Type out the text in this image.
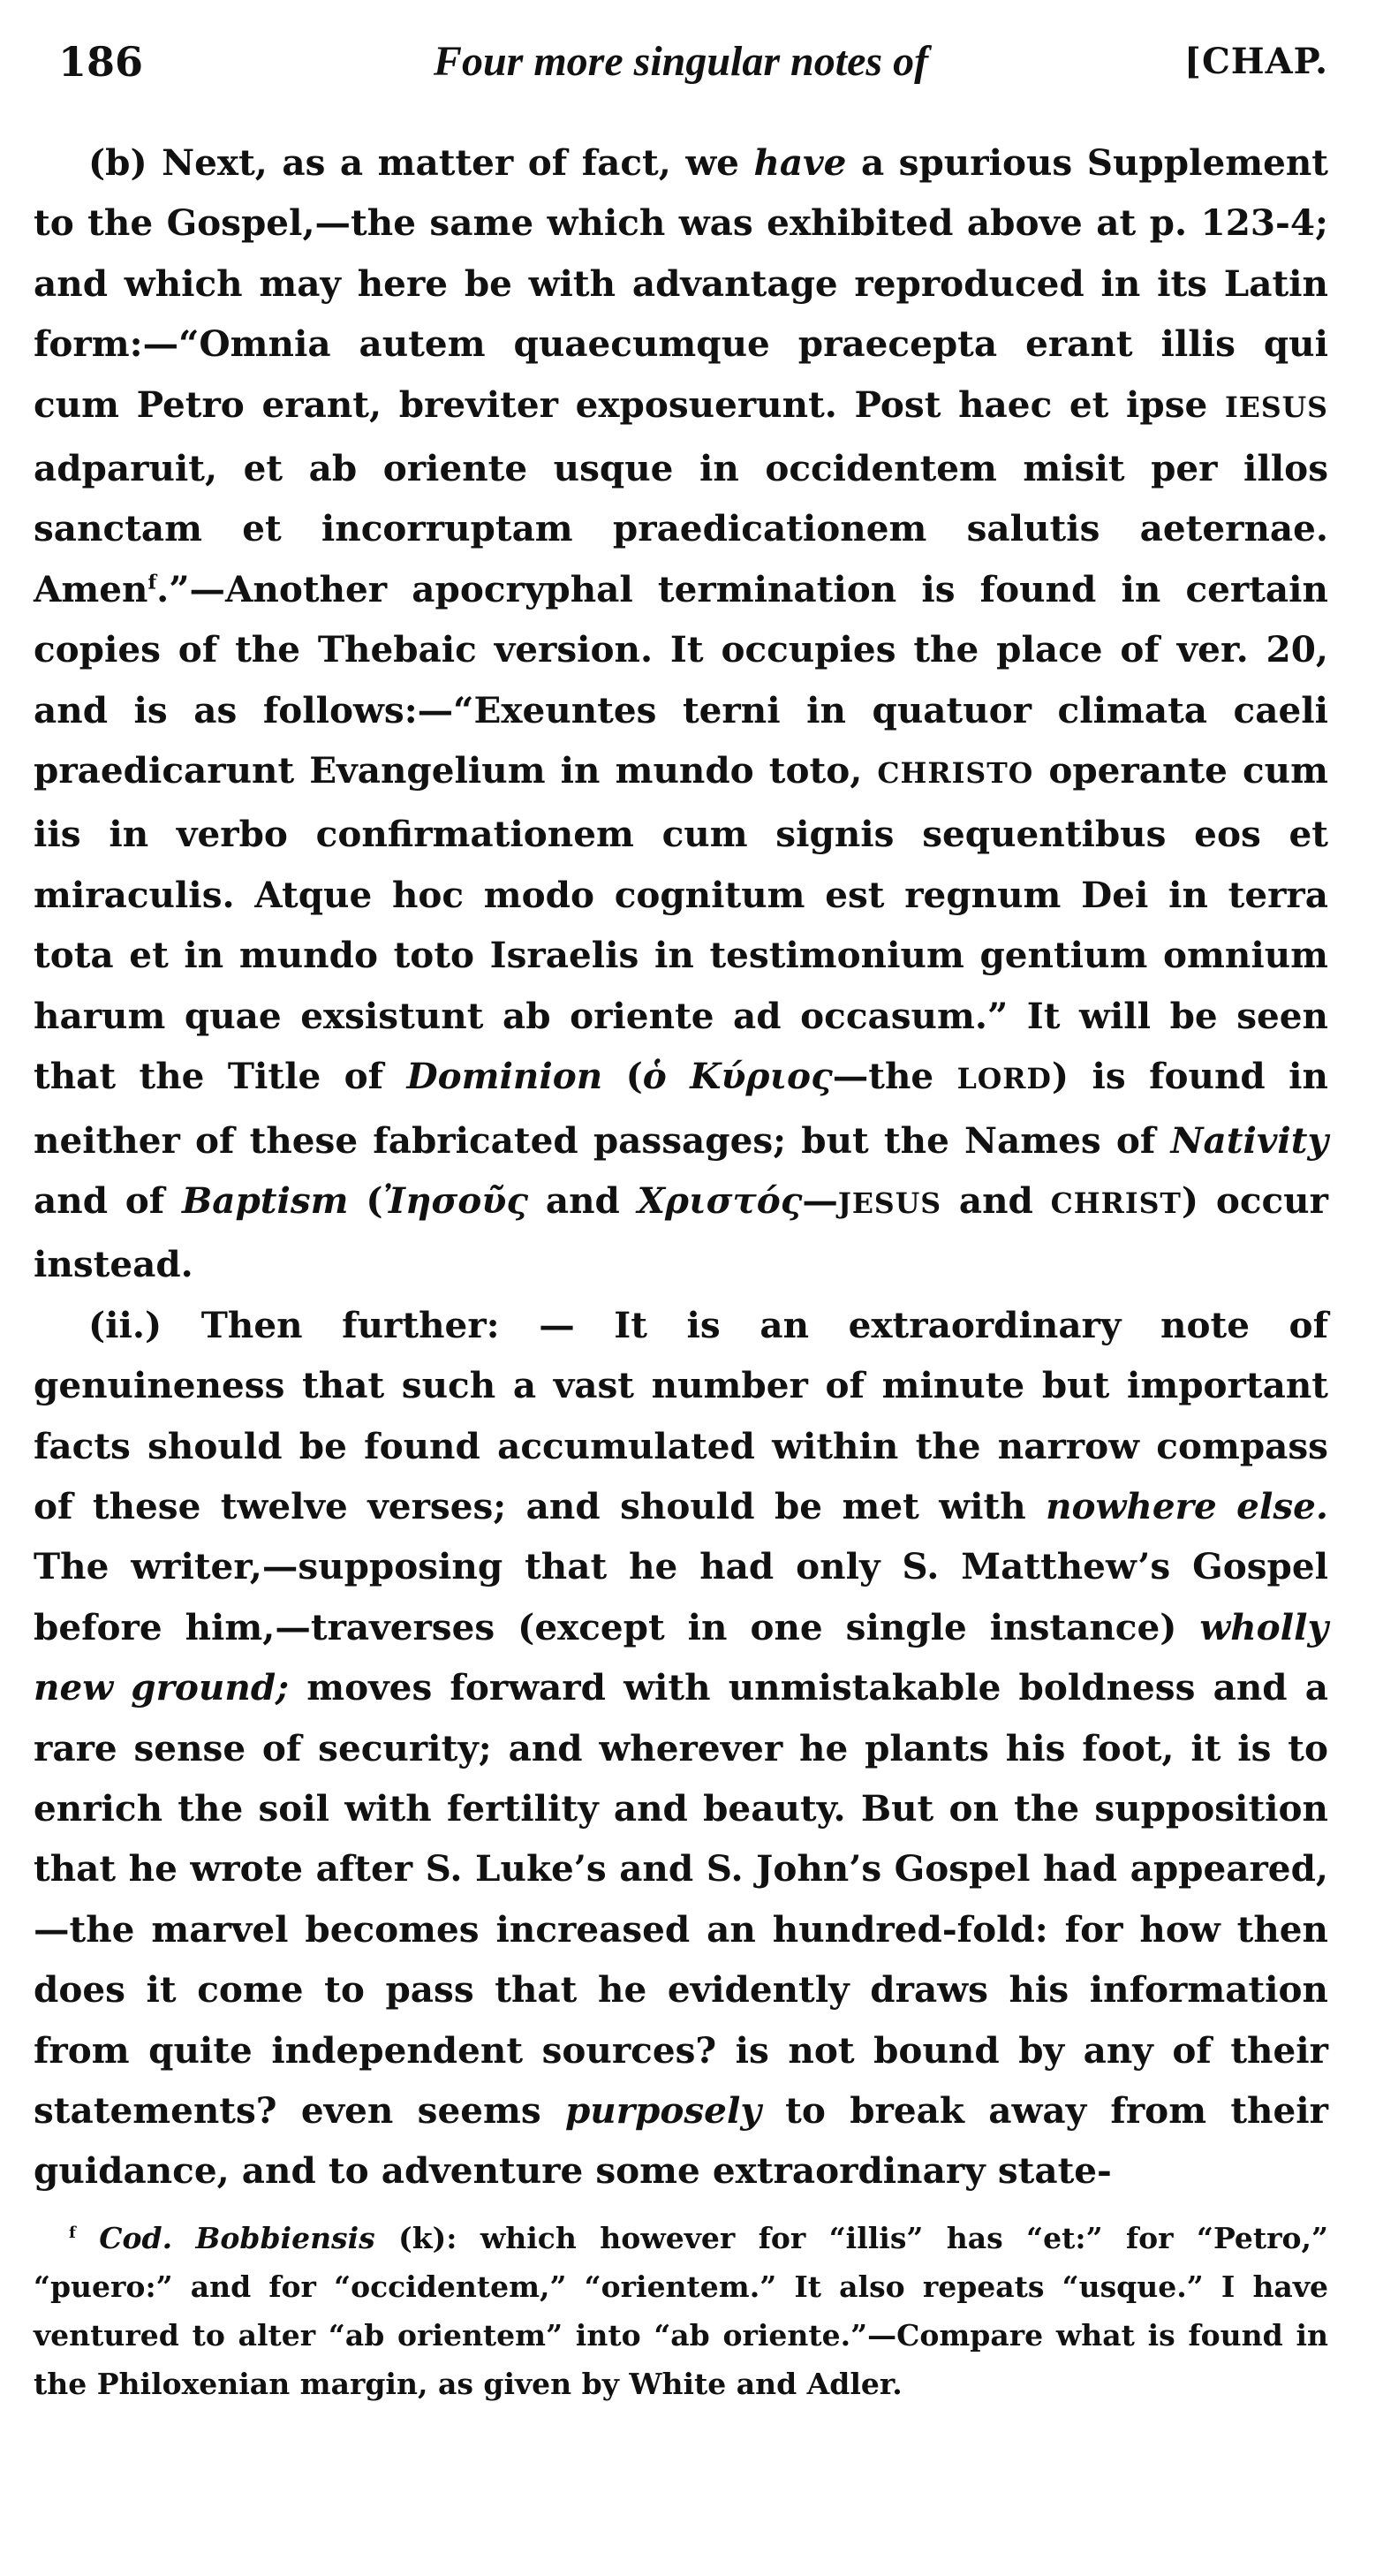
186	Four more singular notes of	[CHAP.

(b) Next, as a matter of fact, we have a spurious Supplement to the Gospel,—the same which was exhibited above at p. 123-4; and which may here be with advantage reproduced in its Latin form:—“Omnia autem quaecumque praecepta erant illis qui cum Petro erant, breviter exposuerunt. Post haec et ipse IESUS adparuit, et ab oriente usque in occidentem misit per illos sanctam et incorruptam praedicationem salutis aeternae. Amen$^f$.”—Another apocryphal termination is found in certain copies of the Thebaic version. It occupies the place of ver. 20, and is as follows:—“Exeuntes terni in quatuor climata caeli praedicarunt Evangelium in mundo toto, CHRISTO operante cum iis in verbo confirmationem cum signis sequentibus eos et miraculis. Atque hoc modo cognitum est regnum Dei in terra tota et in mundo toto Israelis in testimonium gentium omnium harum quae exsistunt ab oriente ad occasum.” It will be seen that the Title of Dominion (ὁ Κύριος—the LORD) is found in neither of these fabricated passages; but the Names of Nativity and of Baptism (Ἰησοῦς and Χριστός—JESUS and CHRIST) occur instead.

(ii.) Then further: — It is an extraordinary note of genuineness that such a vast number of minute but important facts should be found accumulated within the narrow compass of these twelve verses; and should be met with nowhere else. The writer,—supposing that he had only S. Matthew’s Gospel before him,—traverses (except in one single instance) wholly new ground; moves forward with unmistakable boldness and a rare sense of security; and wherever he plants his foot, it is to enrich the soil with fertility and beauty. But on the supposition that he wrote after S. Luke’s and S. John’s Gospel had appeared,—the marvel becomes increased an hundred-fold: for how then does it come to pass that he evidently draws his information from quite independent sources? is not bound by any of their statements? even seems purposely to break away from their guidance, and to adventure some extraordinary state-

$^f$ Cod. Bobbiensis (k): which however for “illis” has “et:” for “Petro,” “puero:” and for “occidentem,” “orientem.” It also repeats “usque.” I have ventured to alter “ab orientem” into “ab oriente.”—Compare what is found in the Philoxenian margin, as given by White and Adler.
